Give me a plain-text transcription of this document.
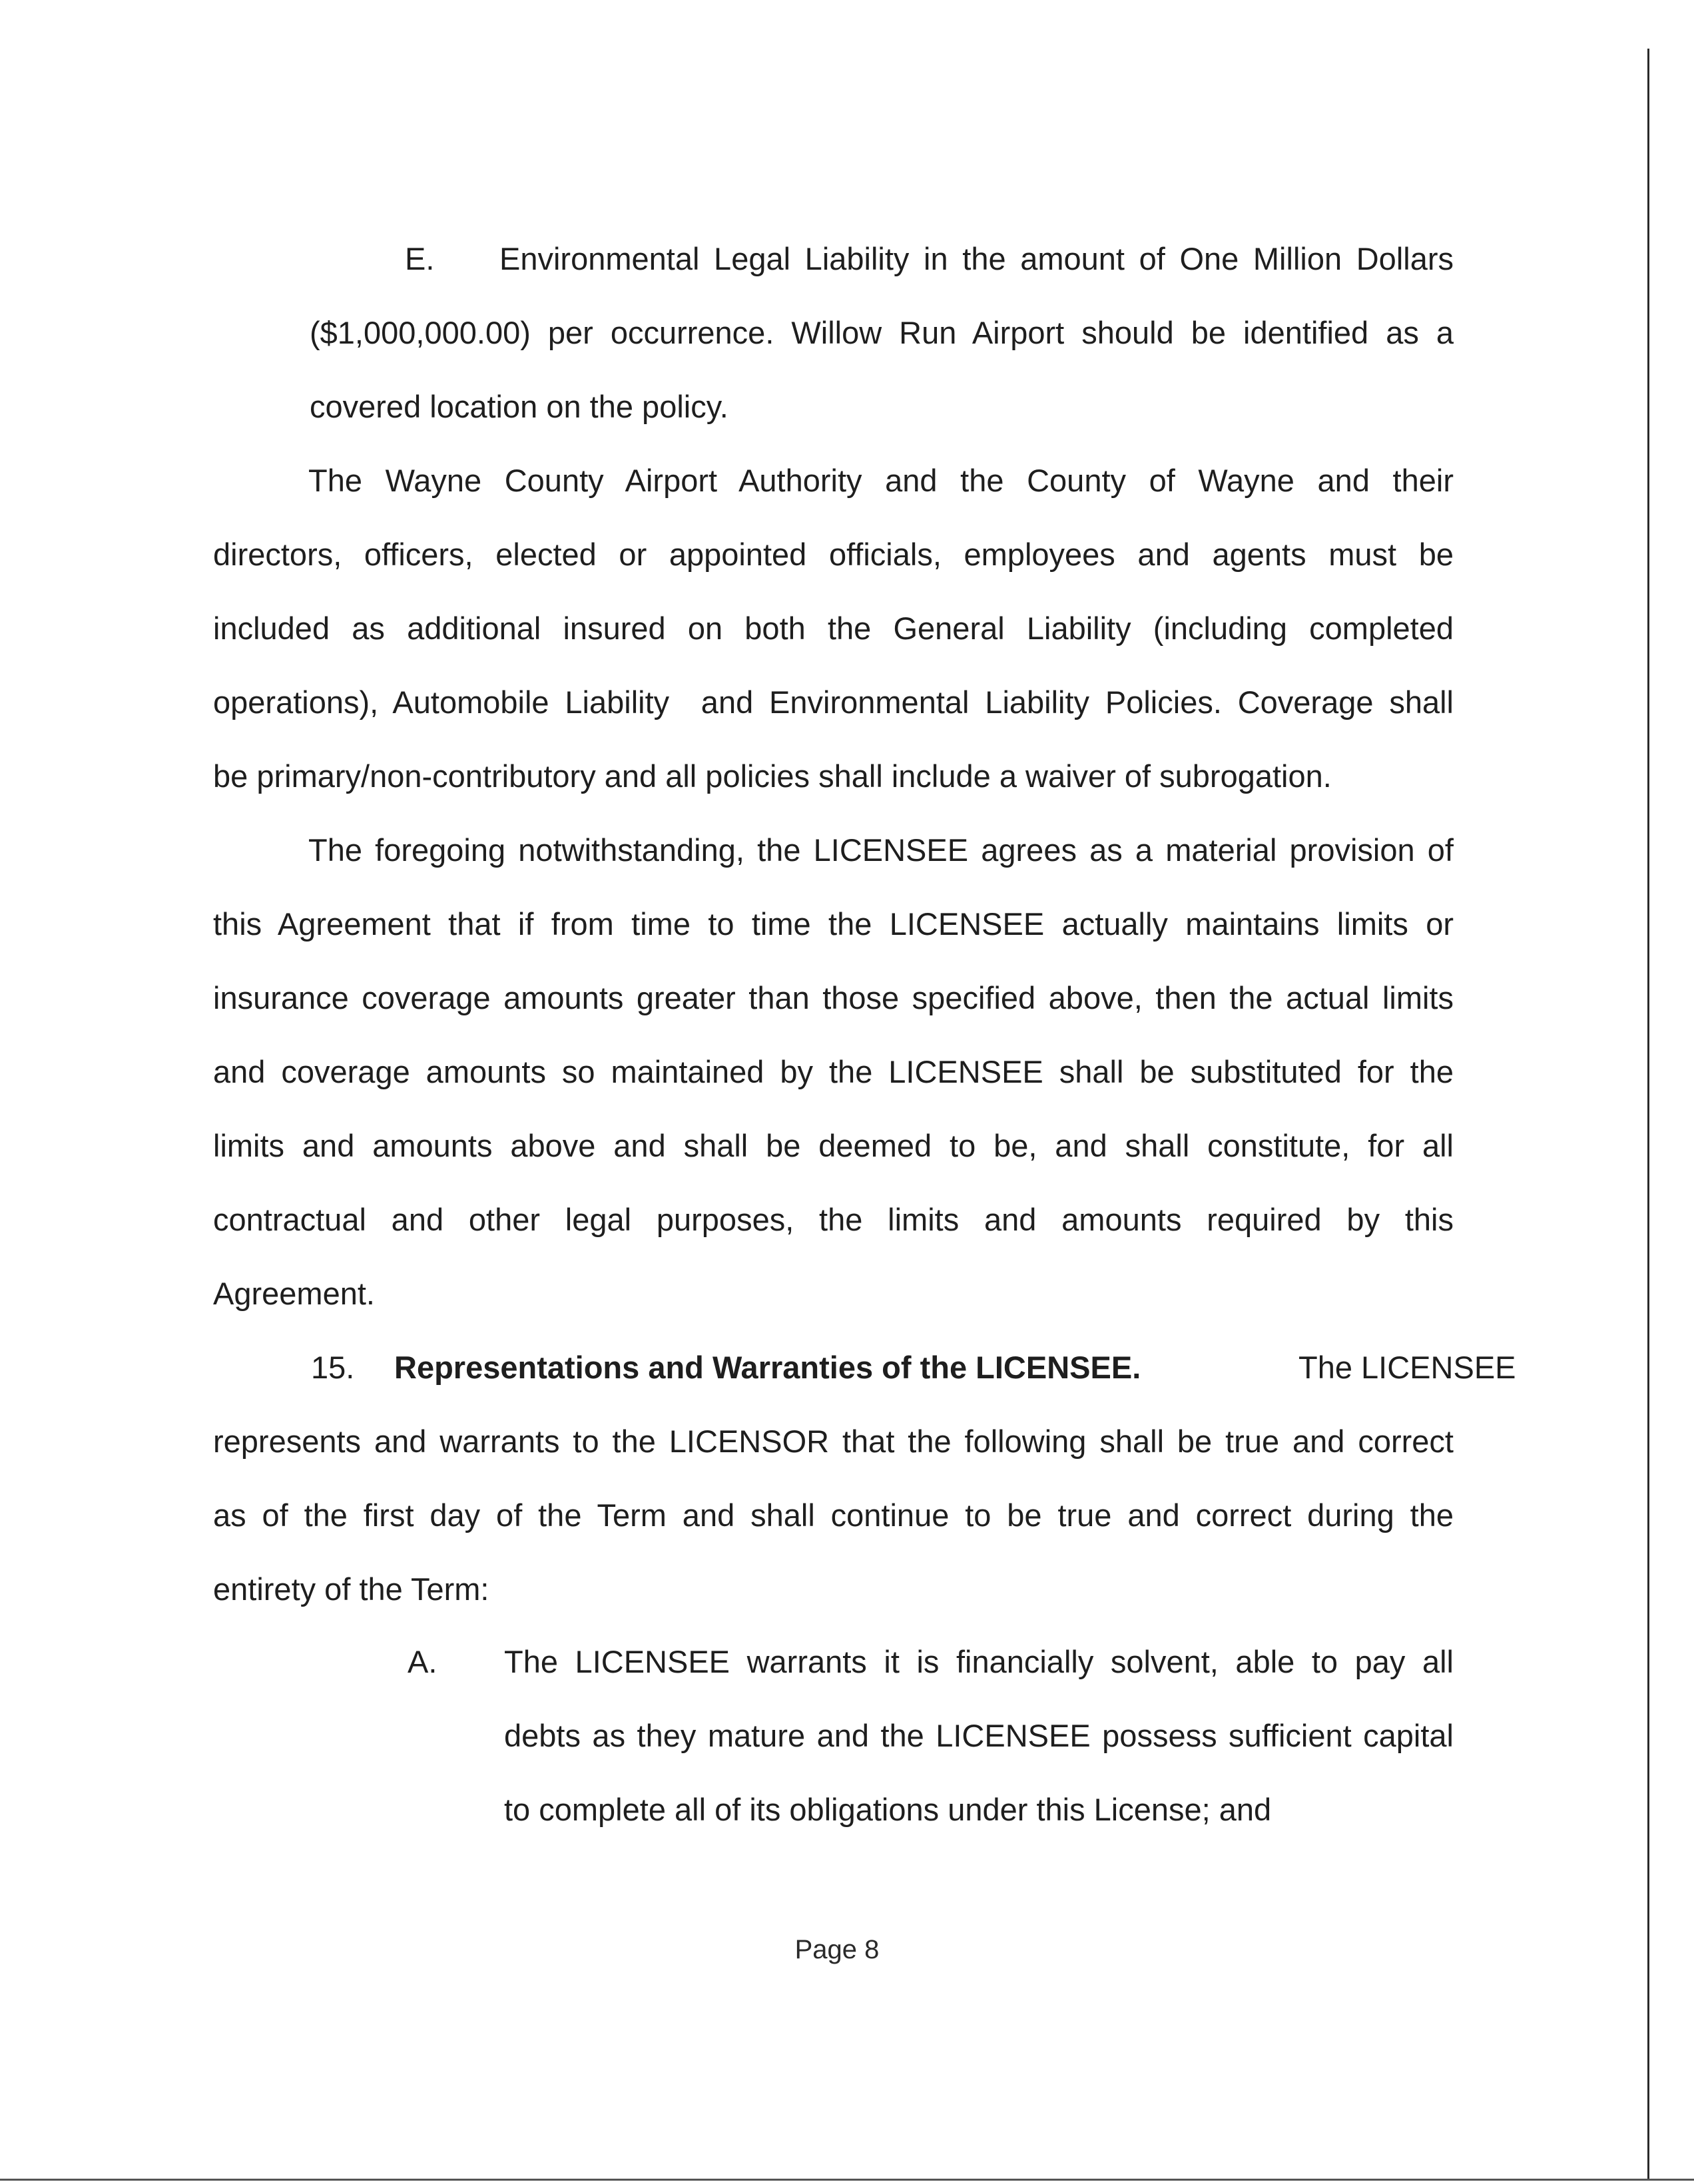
E. Environmental Legal Liability in the amount of One Million Dollars
($1,000,000.00) per occurrence. Willow Run Airport should be identified as a
covered location on the policy.
The Wayne County Airport Authority and the County of Wayne and their
directors, officers, elected or appointed officials, employees and agents must be
included as additional insured on both the General Liability (including completed
operations), Automobile Liability  and Environmental Liability Policies. Coverage shall
be primary/non-contributory and all policies shall include a waiver of subrogation.
The foregoing notwithstanding, the LICENSEE agrees as a material provision of
this Agreement that if from time to time the LICENSEE actually maintains limits or
insurance coverage amounts greater than those specified above, then the actual limits
and coverage amounts so maintained by the LICENSEE shall be substituted for the
limits and amounts above and shall be deemed to be, and shall constitute, for all
contractual and other legal purposes, the limits and amounts required by this
Agreement.
15. Representations and Warranties of the LICENSEE.	The LICENSEE
represents and warrants to the LICENSOR that the following shall be true and correct
as of the first day of the Term and shall continue to be true and correct during the
entirety of the Term:
A. The LICENSEE warrants it is financially solvent, able to pay all
debts as they mature and the LICENSEE possess sufficient capital
to complete all of its obligations under this License; and
Page 8
